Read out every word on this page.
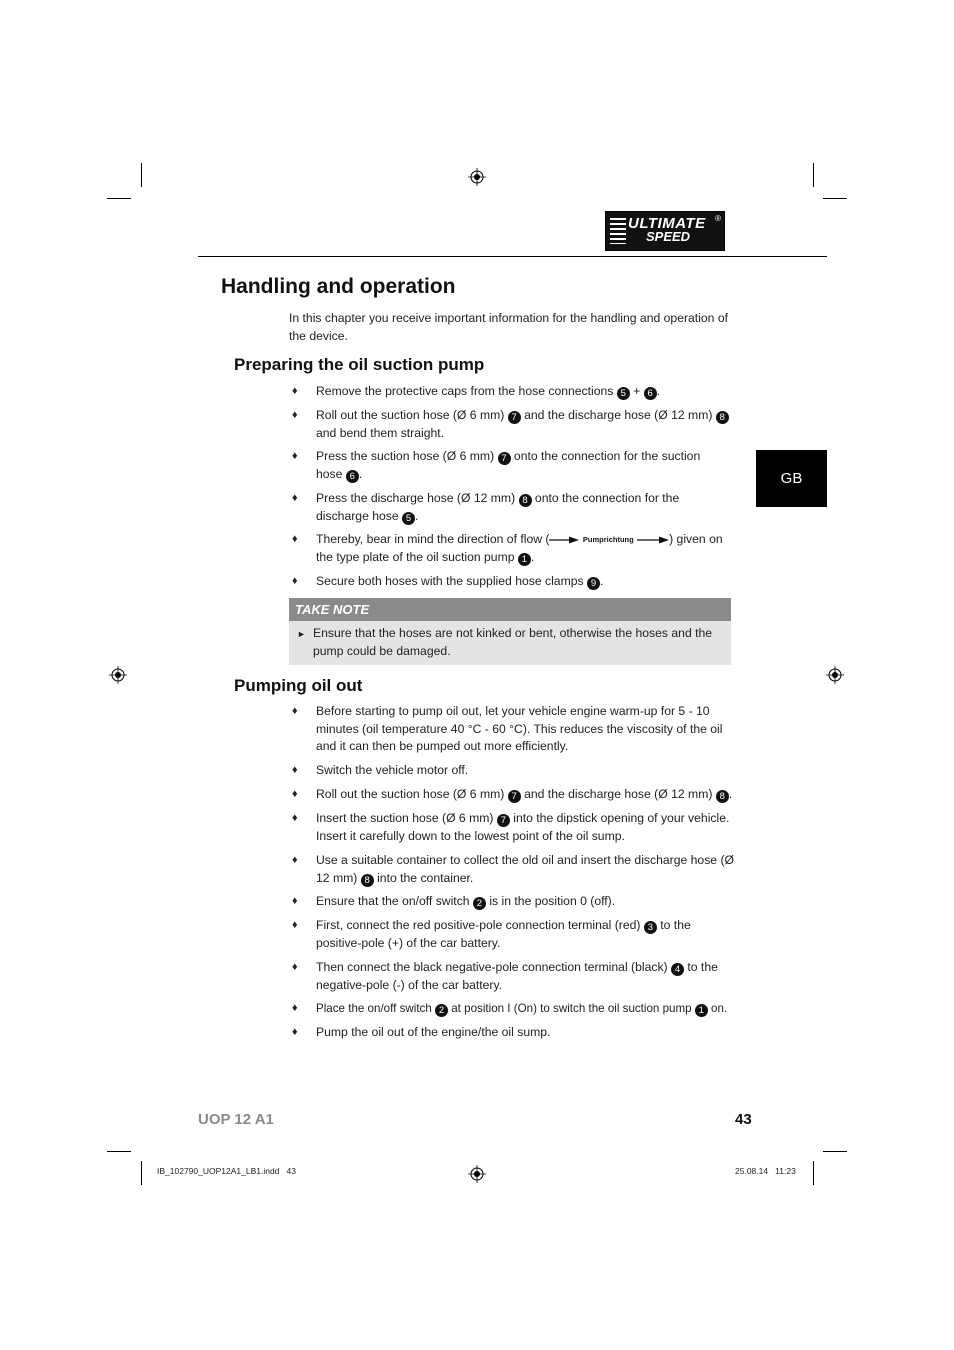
ULTIMATE
SPEED
®
Handling and operation
In this chapter you receive important information for the handling and operation of the device.
Preparing the oil suction pump
♦ Remove the protective caps from the hose connections 5 + 6 .
♦ Roll out the suction hose (Ø 6 mm) 7 and the discharge hose (Ø 12 mm) 8 and bend them straight.
♦ Press the suction hose (Ø 6 mm) 7 onto the connection for the suction hose 6 .
♦ Press the discharge hose (Ø 12 mm) 8 onto the connection for the discharge hose 5 .
♦ Thereby, bear in mind the direction of flow (	Pumprichtung	) given on the type plate of the oil suction pump 1 .
♦ Secure both hoses with the supplied hose clamps 9 .
TAKE NOTE
► Ensure that the hoses are not kinked or bent, otherwise the hoses and the pump could be damaged.
Pumping oil out
♦ Before starting to pump oil out, let your vehicle engine warm-up for 5 - 10 minutes (oil temperature 40 °C - 60 °C). This reduces the viscosity of the oil and it can then be pumped out more efficiently.
♦ Switch the vehicle motor off.
♦ Roll out the suction hose (Ø 6 mm) 7 and the discharge hose (Ø 12 mm) 8 .
♦ Insert the suction hose (Ø 6 mm) 7 into the dipstick opening of your vehicle. Insert it carefully down to the lowest point of the oil sump.
♦ Use a suitable container to collect the old oil and insert the discharge hose (Ø 12 mm) 8 into the container.
♦ Ensure that the on/off switch 2 is in the position 0 (off).
♦ First, connect the red positive-pole connection terminal (red) 3 to the positive-pole (+) of the car battery.
♦ Then connect the black negative-pole connection terminal (black) 4 to the negative-pole (-) of the car battery.
♦ Place the on/off switch 2 at position I (On) to switch the oil suction pump 1 on.
♦ Pump the oil out of the engine/the oil sump.
GB
UOP 12 A1	43
IB_102790_UOP12A1_LB1.indd   43	25.08.14   11:23
